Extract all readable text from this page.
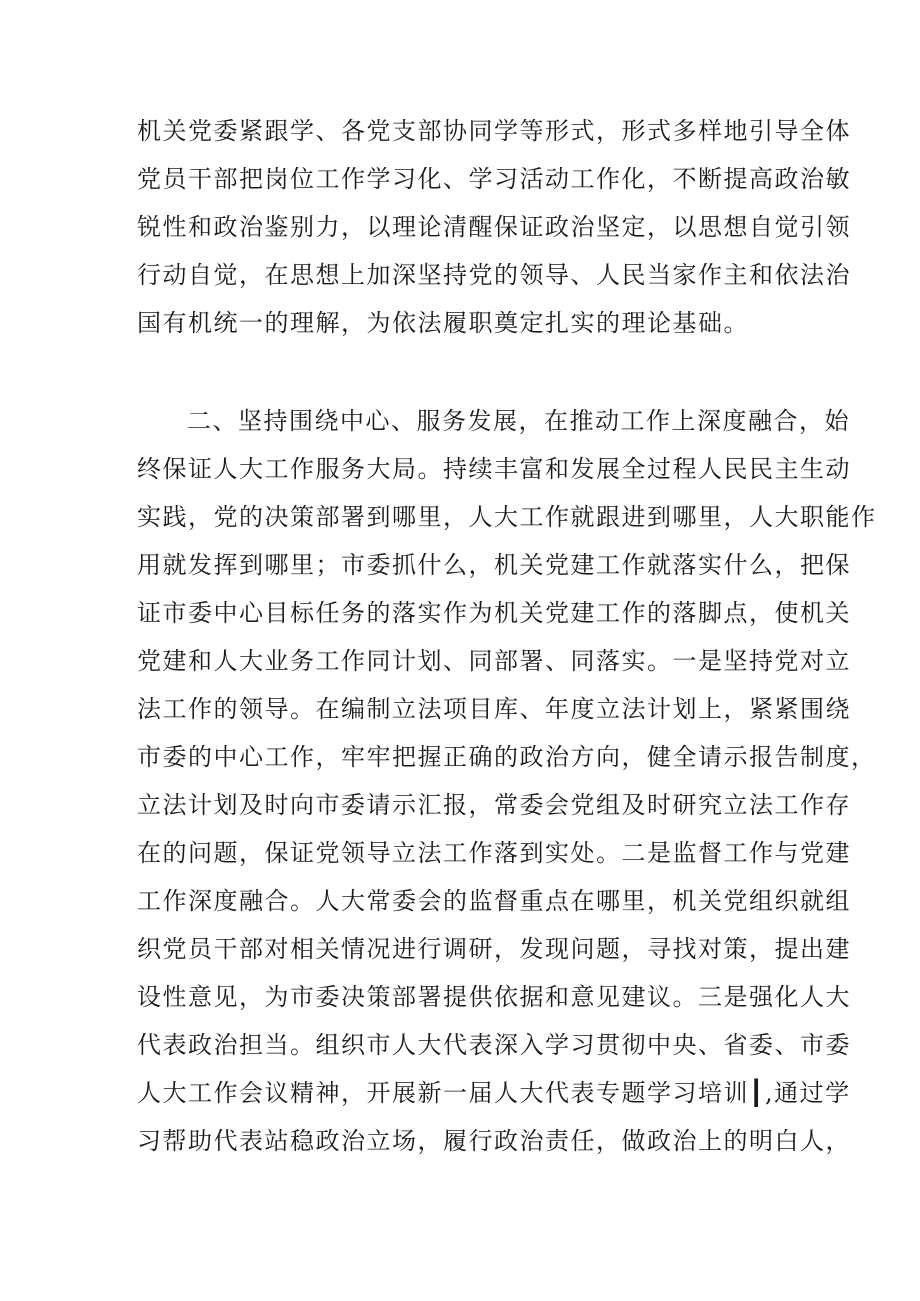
机关党委紧跟学、各党支部协同学等形式，形式多样地引导全体
党员干部把岗位工作学习化、学习活动工作化，不断提高政治敏
锐性和政治鉴别力，以理论清醒保证政治坚定，以思想自觉引领
行动自觉，在思想上加深坚持党的领导、人民当家作主和依法治
国有机统一的理解，为依法履职奠定扎实的理论基础。
二、坚持围绕中心、服务发展，在推动工作上深度融合，始
终保证人大工作服务大局。持续丰富和发展全过程人民民主生动
实践，党的决策部署到哪里，人大工作就跟进到哪里，人大职能作
用就发挥到哪里；市委抓什么，机关党建工作就落实什么，把保
证市委中心目标任务的落实作为机关党建工作的落脚点，使机关
党建和人大业务工作同计划、同部署、同落实。一是坚持党对立
法工作的领导。在编制立法项目库、年度立法计划上，紧紧围绕
市委的中心工作，牢牢把握正确的政治方向，健全请示报告制度，
立法计划及时向市委请示汇报，常委会党组及时研究立法工作存
在的问题，保证党领导立法工作落到实处。二是监督工作与党建
工作深度融合。人大常委会的监督重点在哪里，机关党组织就组
织党员干部对相关情况进行调研，发现问题，寻找对策，提出建
设性意见，为市委决策部署提供依据和意见建议。三是强化人大
代表政治担当。组织市人大代表深入学习贯彻中央、省委、市委
人大工作会议精神，开展新一届人大代表专题学习培训┃,通过学
习帮助代表站稳政治立场，履行政治责任，做政治上的明白人，
